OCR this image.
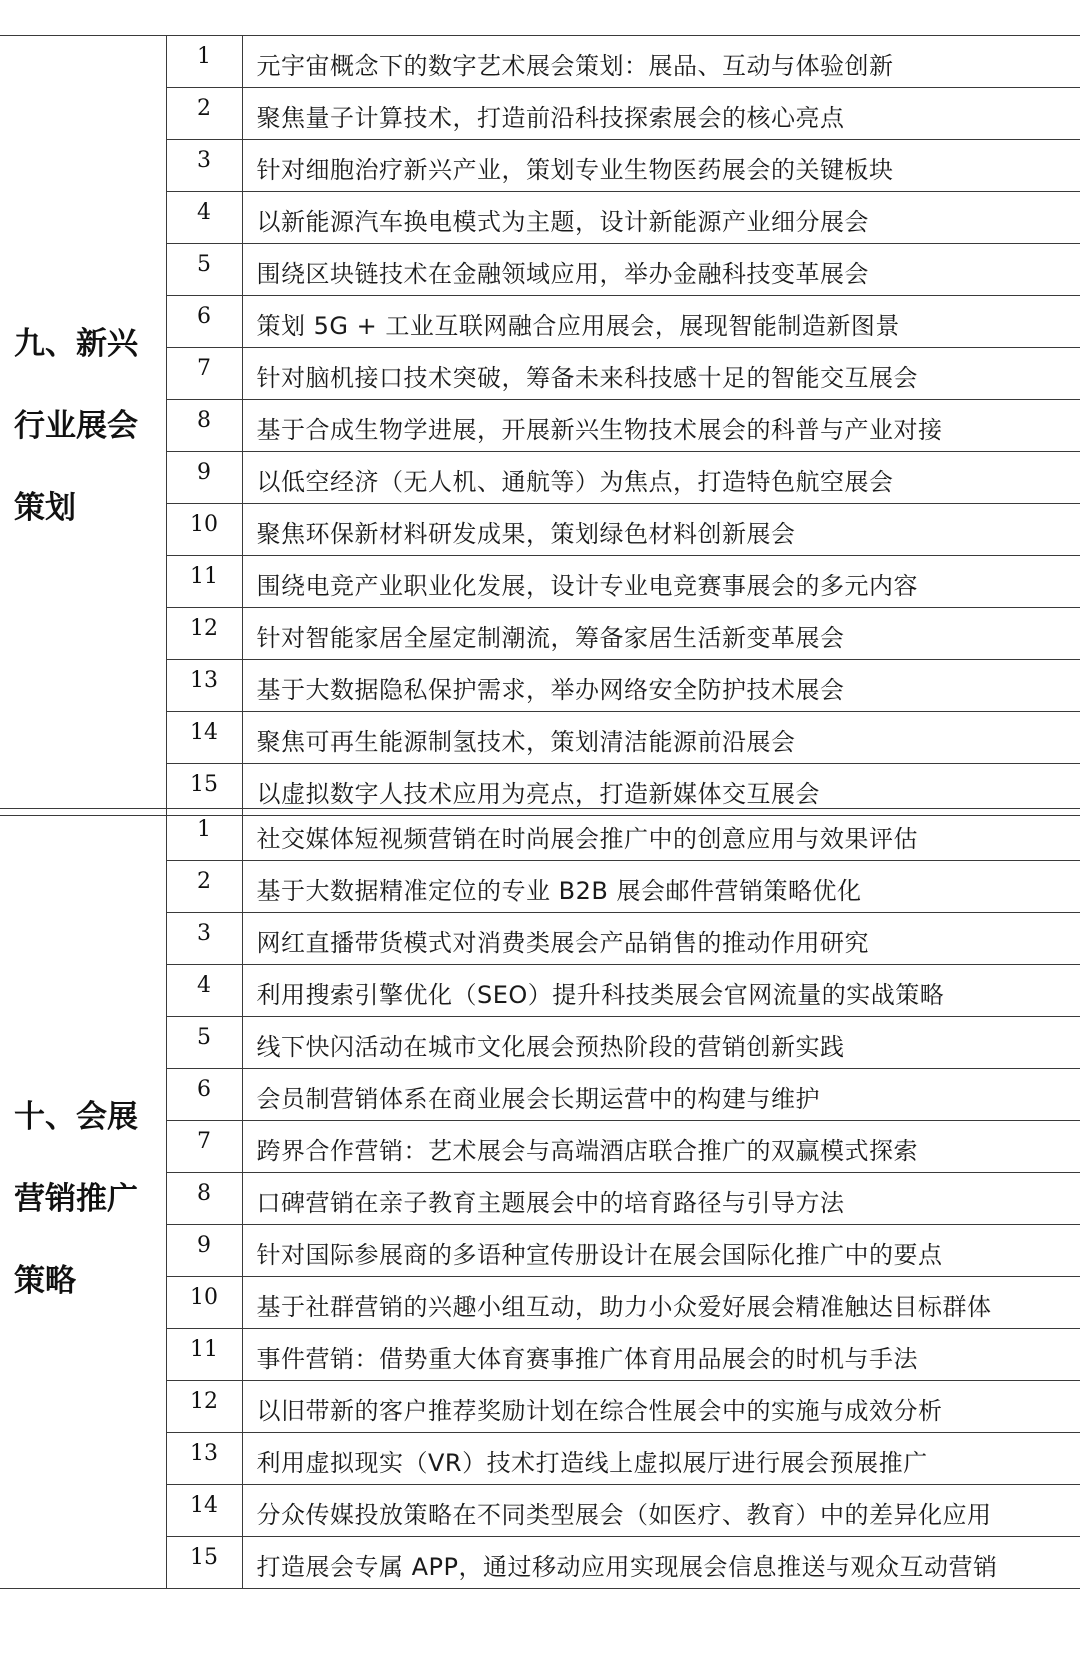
九、新兴
行业展会
策划	1	元宇宙概念下的数字艺术展会策划：展品、互动与体验创新
	2	聚焦量子计算技术，打造前沿科技探索展会的核心亮点
	3	针对细胞治疗新兴产业，策划专业生物医药展会的关键板块
	4	以新能源汽车换电模式为主题，设计新能源产业细分展会
	5	围绕区块链技术在金融领域应用，举办金融科技变革展会
	6	策划 5G + 工业互联网融合应用展会，展现智能制造新图景
	7	针对脑机接口技术突破，筹备未来科技感十足的智能交互展会
	8	基于合成生物学进展，开展新兴生物技术展会的科普与产业对接
	9	以低空经济（无人机、通航等）为焦点，打造特色航空展会
	10	聚焦环保新材料研发成果，策划绿色材料创新展会
	11	围绕电竞产业职业化发展，设计专业电竞赛事展会的多元内容
	12	针对智能家居全屋定制潮流，筹备家居生活新变革展会
	13	基于大数据隐私保护需求，举办网络安全防护技术展会
	14	聚焦可再生能源制氢技术，策划清洁能源前沿展会
	15	以虚拟数字人技术应用为亮点，打造新媒体交互展会
十、会展
营销推广
策略	1	社交媒体短视频营销在时尚展会推广中的创意应用与效果评估
	2	基于大数据精准定位的专业 B2B 展会邮件营销策略优化
	3	网红直播带货模式对消费类展会产品销售的推动作用研究
	4	利用搜索引擎优化（SEO）提升科技类展会官网流量的实战策略
	5	线下快闪活动在城市文化展会预热阶段的营销创新实践
	6	会员制营销体系在商业展会长期运营中的构建与维护
	7	跨界合作营销：艺术展会与高端酒店联合推广的双赢模式探索
	8	口碑营销在亲子教育主题展会中的培育路径与引导方法
	9	针对国际参展商的多语种宣传册设计在展会国际化推广中的要点
	10	基于社群营销的兴趣小组互动，助力小众爱好展会精准触达目标群体
	11	事件营销：借势重大体育赛事推广体育用品展会的时机与手法
	12	以旧带新的客户推荐奖励计划在综合性展会中的实施与成效分析
	13	利用虚拟现实（VR）技术打造线上虚拟展厅进行展会预展推广
	14	分众传媒投放策略在不同类型展会（如医疗、教育）中的差异化应用
	15	打造展会专属 APP，通过移动应用实现展会信息推送与观众互动营销
